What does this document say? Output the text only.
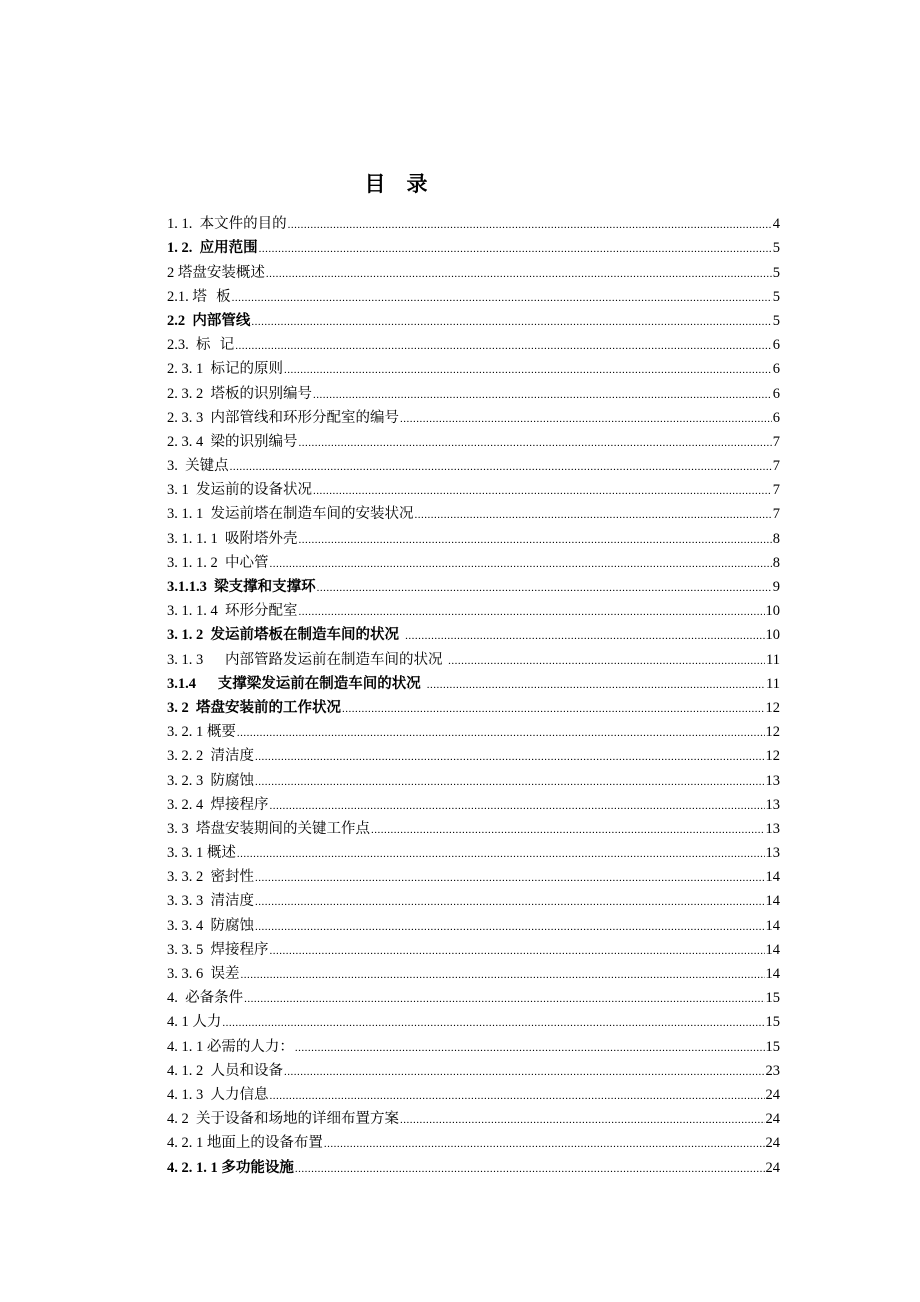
目　录
1. 1.  本文件的目的 .....	4
1. 2.  应用范围 .....	5
2 塔盘安装概述 .....	5
2.1. 塔  板 .....	5
2.2  内部管线 .....	5
2.3.  标  记 .....	6
2. 3. 1  标记的原则 .....	6
2. 3. 2  塔板的识别编号 .....	6
2. 3. 3  内部管线和环形分配室的编号 .....	6
2. 3. 4  梁的识别编号 .....	7
3.  关键点 .....	7
3. 1  发运前的设备状况 .....	7
3. 1. 1  发运前塔在制造车间的安装状况 .....	7
3. 1. 1. 1  吸附塔外壳 .....	8
3. 1. 1. 2  中心管 .....	8
3.1.1.3  梁支撑和支撑环 .....	9
3. 1. 1. 4  环形分配室 .....	10
3. 1. 2  发运前塔板在制造车间的状况 .....	10
3. 1. 3      内部管路发运前在制造车间的状况 .....	11
3.1.4      支撑梁发运前在制造车间的状况 .....	11
3. 2  塔盘安装前的工作状况 .....	12
3. 2. 1 概要 .....	12
3. 2. 2  清洁度 .....	12
3. 2. 3  防腐蚀 .....	13
3. 2. 4  焊接程序 .....	13
3. 3  塔盘安装期间的关键工作点 .....	13
3. 3. 1 概述 .....	13
3. 3. 2  密封性 .....	14
3. 3. 3  清洁度 .....	14
3. 3. 4  防腐蚀 .....	14
3. 3. 5  焊接程序 .....	14
3. 3. 6  误差 .....	14
4.  必备条件 .....	15
4. 1 人力 .....	15
4. 1. 1 必需的人力： .....	15
4. 1. 2  人员和设备 .....	23
4. 1. 3  人力信息 .....	24
4. 2  关于设备和场地的详细布置方案 .....	24
4. 2. 1 地面上的设备布置 .....	24
4. 2. 1. 1 多功能设施 .....	24
